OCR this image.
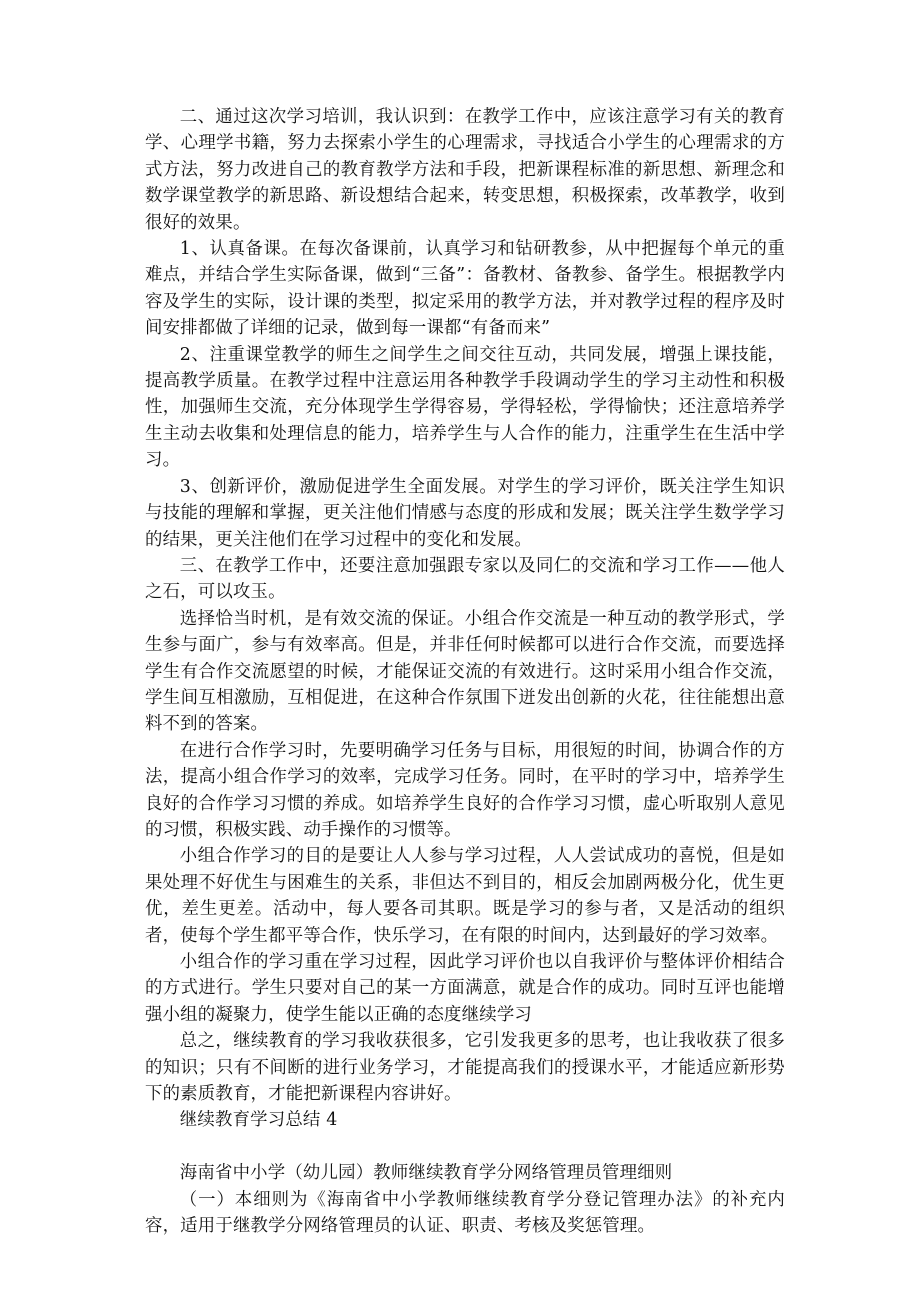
二、通过这次学习培训，我认识到：在教学工作中，应该注意学习有关的教育学、心理学书籍，努力去探索小学生的心理需求，寻找适合小学生的心理需求的方式方法，努力改进自己的教育教学方法和手段，把新课程标准的新思想、新理念和数学课堂教学的新思路、新设想结合起来，转变思想，积极探索，改革教学，收到很好的效果。

1、认真备课。在每次备课前，认真学习和钻研教参，从中把握每个单元的重难点，并结合学生实际备课，做到“三备”：备教材、备教参、备学生。根据教学内容及学生的实际，设计课的类型，拟定采用的教学方法，并对教学过程的程序及时间安排都做了详细的记录，做到每一课都“有备而来”

2、注重课堂教学的师生之间学生之间交往互动，共同发展，增强上课技能，提高教学质量。在教学过程中注意运用各种教学手段调动学生的学习主动性和积极性，加强师生交流，充分体现学生学得容易，学得轻松，学得愉快；还注意培养学生主动去收集和处理信息的能力，培养学生与人合作的能力，注重学生在生活中学习。

3、创新评价，激励促进学生全面发展。对学生的学习评价，既关注学生知识与技能的理解和掌握，更关注他们情感与态度的形成和发展；既关注学生数学学习的结果，更关注他们在学习过程中的变化和发展。

三、在教学工作中，还要注意加强跟专家以及同仁的交流和学习工作——他人之石，可以攻玉。

选择恰当时机，是有效交流的保证。小组合作交流是一种互动的教学形式，学生参与面广，参与有效率高。但是，并非任何时候都可以进行合作交流，而要选择学生有合作交流愿望的时候，才能保证交流的有效进行。这时采用小组合作交流，学生间互相激励，互相促进，在这种合作氛围下迸发出创新的火花，往往能想出意料不到的答案。

在进行合作学习时，先要明确学习任务与目标，用很短的时间，协调合作的方法，提高小组合作学习的效率，完成学习任务。同时，在平时的学习中，培养学生良好的合作学习习惯的养成。如培养学生良好的合作学习习惯，虚心听取别人意见的习惯，积极实践、动手操作的习惯等。

小组合作学习的目的是要让人人参与学习过程，人人尝试成功的喜悦，但是如果处理不好优生与困难生的关系，非但达不到目的，相反会加剧两极分化，优生更优，差生更差。活动中，每人要各司其职。既是学习的参与者，又是活动的组织者，使每个学生都平等合作，快乐学习，在有限的时间内，达到最好的学习效率。

小组合作的学习重在学习过程，因此学习评价也以自我评价与整体评价相结合的方式进行。学生只要对自己的某一方面满意，就是合作的成功。同时互评也能增强小组的凝聚力，使学生能以正确的态度继续学习

总之，继续教育的学习我收获很多，它引发我更多的思考，也让我收获了很多的知识；只有不间断的进行业务学习，才能提高我们的授课水平，才能适应新形势下的素质教育，才能把新课程内容讲好。

继续教育学习总结 4

海南省中小学（幼儿园）教师继续教育学分网络管理员管理细则

（一）本细则为《海南省中小学教师继续教育学分登记管理办法》的补充内容，适用于继教学分网络管理员的认证、职责、考核及奖惩管理。
